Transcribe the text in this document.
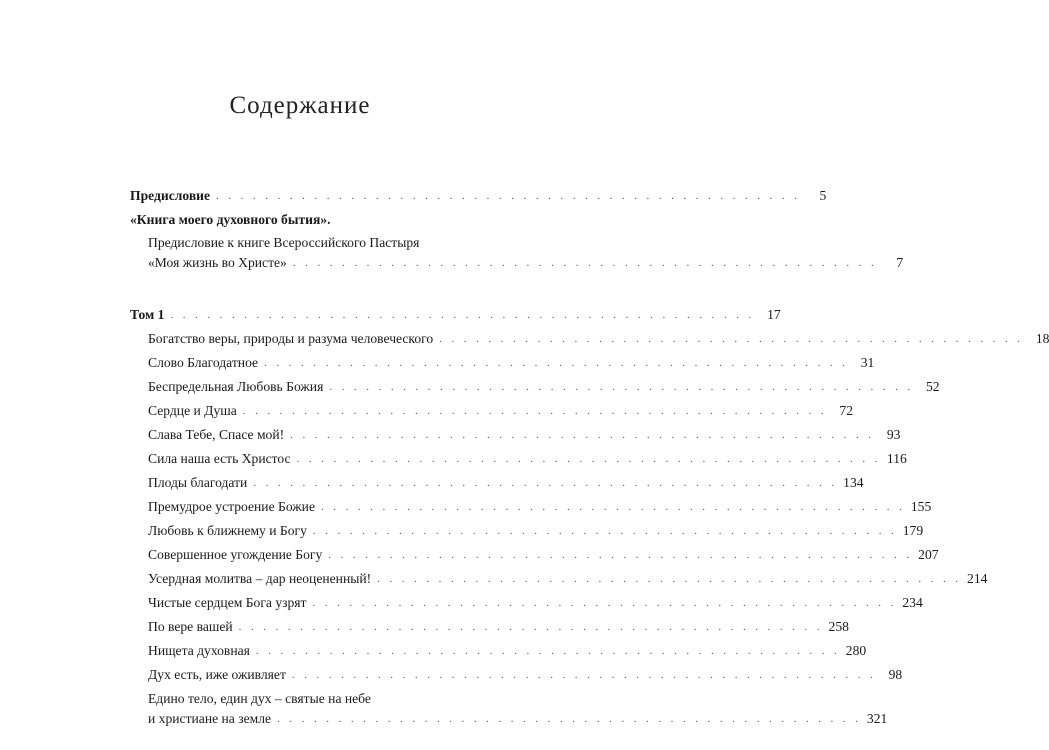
Содержание
Предисловие . . . . . . . . . . . . . . . . . . . . . . . . . . . . . . . . . . . . . . . . . . . . . . . .	5
«Книга моего духовного бытия».
Предисловие к книге Всероссийского Пастыря
«Моя жизнь во Христе» . . . . . . . . . . . . . . . . . . . . . . . . . . . . . . . . . . . . . . . . . . . . . . . .	7
Том 1 . . . . . . . . . . . . . . . . . . . . . . . . . . . . . . . . . . . . . . . . . . . . . . . . 17
Богатство веры, природы и разума человеческого . . . . . . . . . . . . . . . . . . . . . . . . . . . . . . . . . . . . . . . . . . . . . . . . 18
Слово Благодатное . . . . . . . . . . . . . . . . . . . . . . . . . . . . . . . . . . . . . . . . . . . . . . . . 31
Беспредельная Любовь Божия . . . . . . . . . . . . . . . . . . . . . . . . . . . . . . . . . . . . . . . . . . . . . . . . 52
Сердце и Душа . . . . . . . . . . . . . . . . . . . . . . . . . . . . . . . . . . . . . . . . . . . . . . . . 72
Слава Тебе, Спасе мой! . . . . . . . . . . . . . . . . . . . . . . . . . . . . . . . . . . . . . . . . . . . . . . . . 93
Сила наша есть Христос . . . . . . . . . . . . . . . . . . . . . . . . . . . . . . . . . . . . . . . . . . . . . . . . 116
Плоды благодати . . . . . . . . . . . . . . . . . . . . . . . . . . . . . . . . . . . . . . . . . . . . . . . . 134
Премудрое устроение Божие . . . . . . . . . . . . . . . . . . . . . . . . . . . . . . . . . . . . . . . . . . . . . . . . 155
Любовь к ближнему и Богу . . . . . . . . . . . . . . . . . . . . . . . . . . . . . . . . . . . . . . . . . . . . . . . . 179
Совершенное угождение Богу . . . . . . . . . . . . . . . . . . . . . . . . . . . . . . . . . . . . . . . . . . . . . . . . 207
Усердная молитва – дар неоцененный! . . . . . . . . . . . . . . . . . . . . . . . . . . . . . . . . . . . . . . . . . . . . . . . . 214
Чистые сердцем Бога узрят . . . . . . . . . . . . . . . . . . . . . . . . . . . . . . . . . . . . . . . . . . . . . . . . 234
По вере вашей . . . . . . . . . . . . . . . . . . . . . . . . . . . . . . . . . . . . . . . . . . . . . . . . 258
Нищета духовная . . . . . . . . . . . . . . . . . . . . . . . . . . . . . . . . . . . . . . . . . . . . . . . . 280
Дух есть, иже оживляет . . . . . . . . . . . . . . . . . . . . . . . . . . . . . . . . . . . . . . . . . . . . . . . . 98
Едино тело, един дух – святые на небе
и христиане на земле . . . . . . . . . . . . . . . . . . . . . . . . . . . . . . . . . . . . . . . . . . . . . . . . 321
